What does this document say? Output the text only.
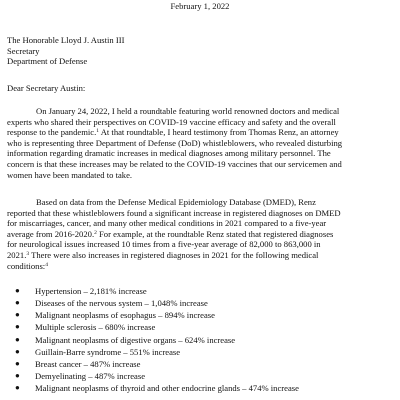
February 1, 2022
The Honorable Lloyd J. Austin III
Secretary
Department of Defense
Dear Secretary Austin:
On January 24, 2022, I held a roundtable featuring world renowned doctors and medical
experts who shared their perspectives on COVID-19 vaccine efficacy and safety and the overall
response to the pandemic.$^1$ At that roundtable, I heard testimony from Thomas Renz, an attorney
who is representing three Department of Defense (DoD) whistleblowers, who revealed disturbing
information regarding dramatic increases in medical diagnoses among military personnel. The
concern is that these increases may be related to the COVID-19 vaccines that our servicemen and
women have been mandated to take.
Based on data from the Defense Medical Epidemiology Database (DMED), Renz
reported that these whistleblowers found a significant increase in registered diagnoses on DMED
for miscarriages, cancer, and many other medical conditions in 2021 compared to a five-year
average from 2016-2020.$^2$ For example, at the roundtable Renz stated that registered diagnoses
for neurological issues increased 10 times from a five-year average of 82,000 to 863,000 in
2021.$^3$ There were also increases in registered diagnoses in 2021 for the following medical
conditions:$^4$
●	Hypertension – 2,181% increase
●	Diseases of the nervous system – 1,048% increase
●	Malignant neoplasms of esophagus – 894% increase
●	Multiple sclerosis – 680% increase
●	Malignant neoplasms of digestive organs – 624% increase
●	Guillain-Barre syndrome – 551% increase
●	Breast cancer – 487% increase
●	Demyelinating – 487% increase
●	Malignant neoplasms of thyroid and other endocrine glands – 474% increase
